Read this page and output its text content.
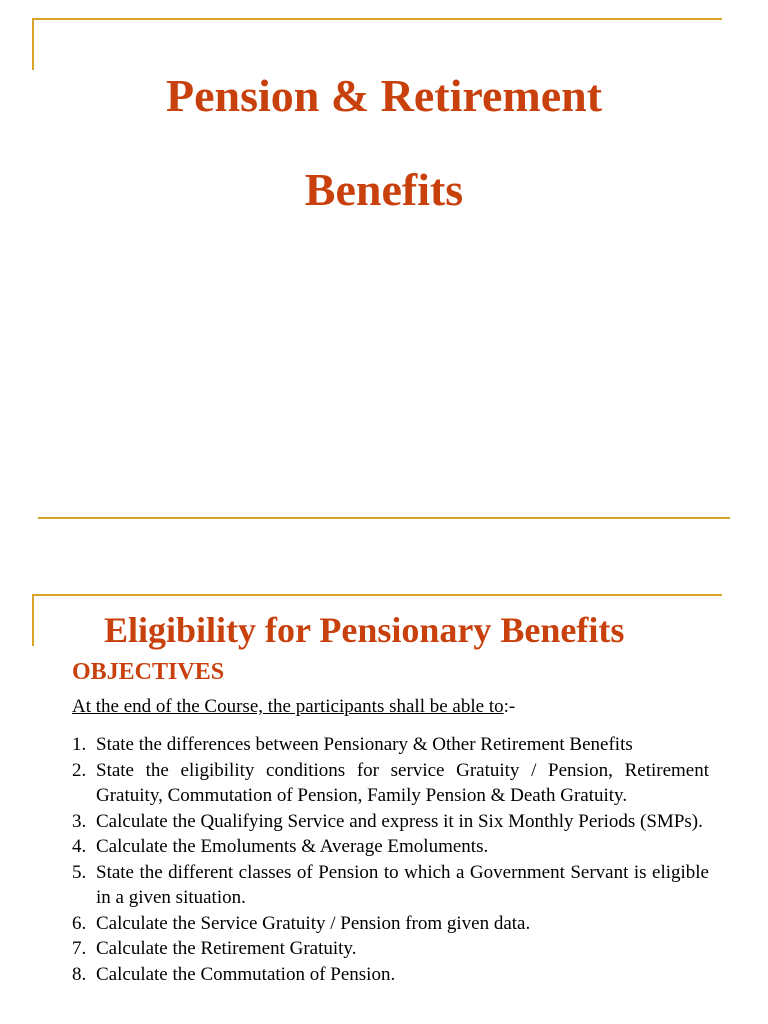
Pension & Retirement
Benefits
Eligibility for Pensionary Benefits
OBJECTIVES

At the end of the Course, the participants shall be able to:-

1. State the differences between Pensionary & Other Retirement Benefits
2. State the eligibility conditions for service Gratuity / Pension, Retirement Gratuity, Commutation of Pension, Family Pension & Death Gratuity.
3. Calculate the Qualifying Service and express it in Six Monthly Periods (SMPs).
4. Calculate the Emoluments & Average Emoluments.
5. State the different classes of Pension to which a Government Servant is eligible in a given situation.
6. Calculate the Service Gratuity / Pension from given data.
7. Calculate the Retirement Gratuity.
8. Calculate the Commutation of Pension.
